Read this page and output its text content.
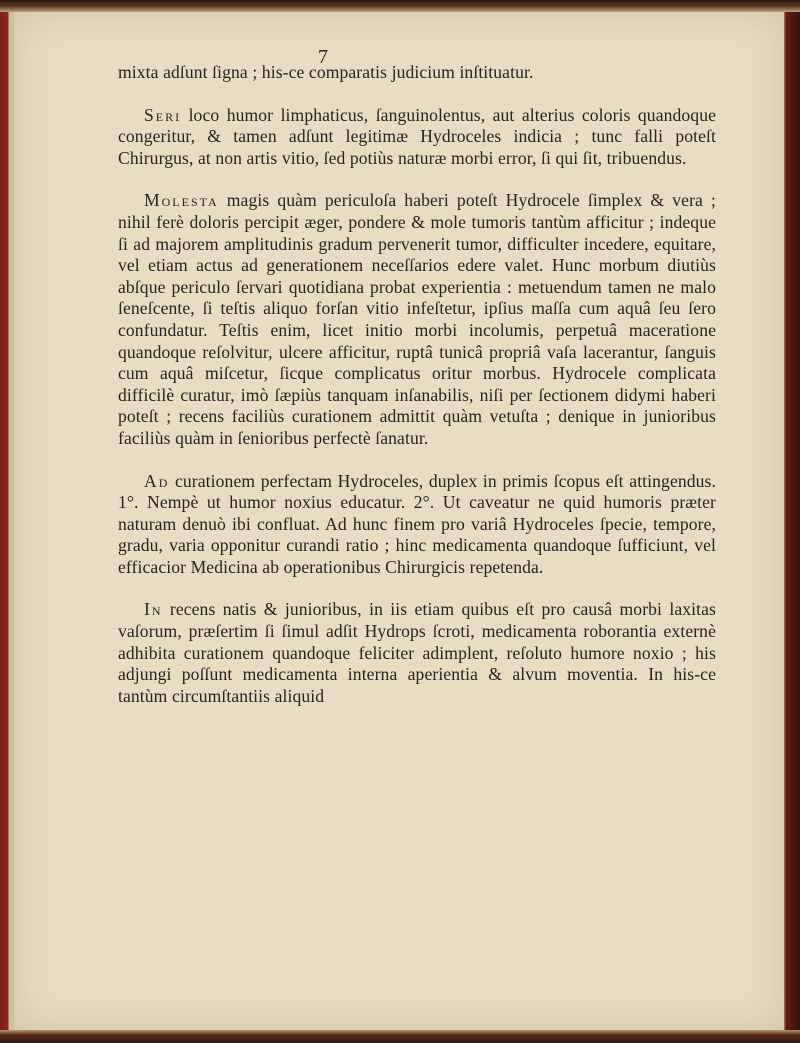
7

mixta adſunt ſigna ; his-ce comparatis judicium inſtituatur.

Seri loco humor limphaticus, ſanguinolentus, aut alterius coloris quandoque congeritur, & tamen adſunt legitimæ Hydroceles indicia ; tunc falli poteſt Chirurgus, at non artis vitio, ſed potiùs naturæ morbi error, ſi qui ſit, tribuendus.

Molesta magis quàm periculoſa haberi poteſt Hydrocele ſimplex & vera ; nihil ferè doloris percipit æger, ponderе & mole tumoris tantùm afficitur ; indeque ſi ad majorem amplitudinis gradum pervenerit tumor, difficulter incedere, equitare, vel etiam actus ad generationem neceſſarios edere valet. Hunc morbum diutiùs abſque periculo ſervari quotidiana probat experientia : metuendum tamen ne malo ſeneſcente, ſi teſtis aliquo forſan vitio infeſtetur, ipſius maſſa cum aquâ ſeu ſero confundatur. Teſtis enim, licet initio morbi incolumis, perpetuâ maceratione quandoque reſolvitur, ulcere afficitur, ruptâ tunicâ propriâ vaſa lacerantur, ſanguis cum aquâ miſcetur, ſicque complicatus oritur morbus. Hydrocele complicata difficilè curatur, imò ſæpiùs tanquam inſanabilis, niſi per ſectionem didymi haberi poteſt ; recens faciliùs curationem admittit quàm vetuſta ; denique in junioribus faciliùs quàm in ſenioribus perfectè ſanatur.

Ad curationem perfectam Hydroceles, duplex in primis ſcopus eſt attingendus. 1°. Nempè ut humor noxius educatur. 2°. Ut caveatur ne quid humoris præter naturam denuò ibi confluat. Ad hunc finem pro variâ Hydroceles ſpecie, tempore, gradu, varia opponitur curandi ratio ; hinc medicamenta quandoque ſufficiunt, vel efficacior Medicina ab operationibus Chirurgicis repetenda.

In recens natis & junioribus, in iis etiam quibus eſt pro causâ morbi laxitas vaſorum, præſertim ſi ſimul adſit Hydrops ſcroti, medicamenta roborantia externè adhibita curationem quandoque feliciter adimplent, reſoluto humore noxio ; his adjungi poſſunt medicamenta interna aperientia & alvum moventia. In his-ce tantùm circumſtantiis aliquid
